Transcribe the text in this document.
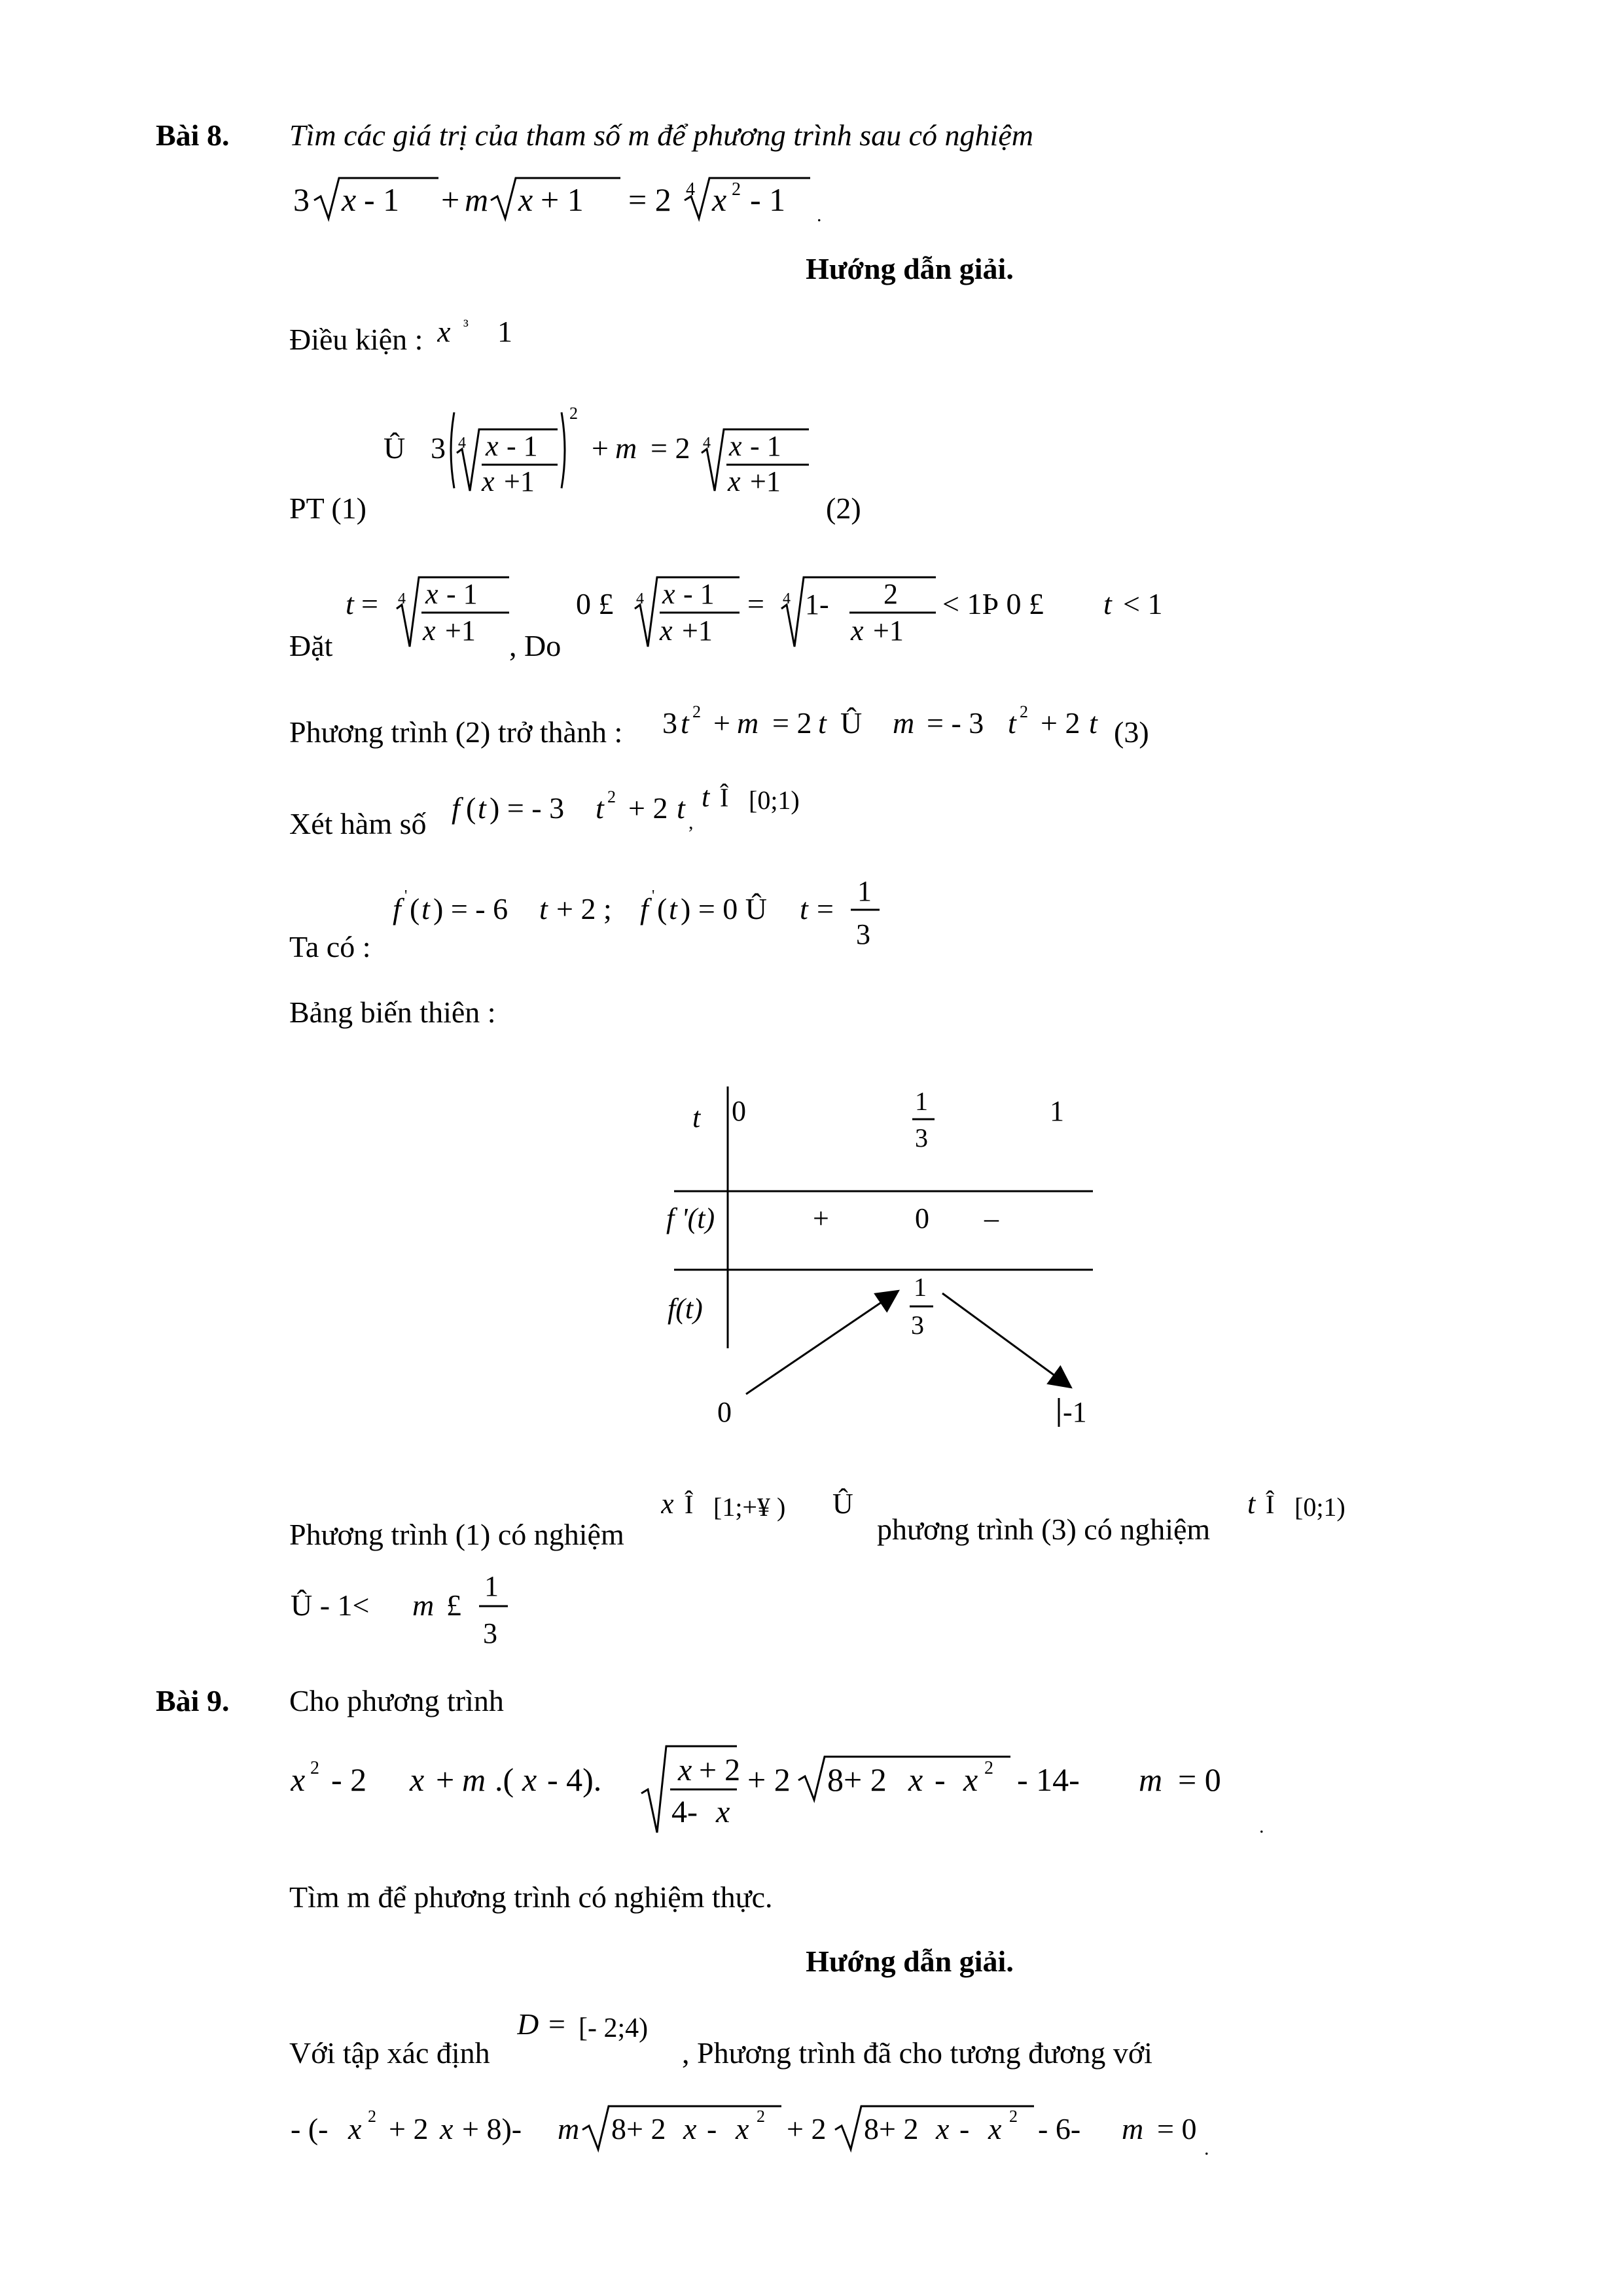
Bài 8. Tìm các giá trị của tham số m để phương trình sau có nghiệm
3 x - 1 + m x + 1 = 2 4 x 2 - 1 .
Hướng dẫn giải.
Điều kiện : x ³ 1
PT (1)
Û 3 4 x - 1
x +1
2
+ m = 2 4 x - 1
x +1
(2)
Đặt
t = 4 x - 1
x +1 , Do
0 £ 4 x - 1
x +1
= 4 1- 2
x +1
< 1Þ 0 £ t < 1
Phương trình (2) trở thành : 3 t 2 + m = 2 t Û m = - 3 t 2 + 2 t (3)
Xét hàm số f ( t ) = - 3 t 2 + 2 t ,
t Î [0;1)
Ta có :
f ' ( t ) = - 6 t + 2 ; f ' ( t ) = 0 Û t =
1
3
Bảng biến thiên :
t
f '(t)
f(t)
0	1
3
1
+	0 –
0
1
3
-1
Phương trình (1) có nghiệm
x Î [1;+¥ ) Û
phương trình (3) có nghiệm
t Î [0;1)
Û - 1< m £
1
3
Bài 9. Cho phương trình
x 2 - 2 x + m .( x - 4). x + 2
4- x
+ 2 8+ 2 x - x 2 - 14- m = 0
.
Tìm m để phương trình có nghiệm thực.
Hướng dẫn giải.
Với tập xác định
D = [- 2;4)
, Phương trình đã cho tương đương với
- (- x 2 + 2 x + 8)- m 8+ 2 x - x 2 + 2 8+ 2 x - x 2 - 6- m = 0
.
